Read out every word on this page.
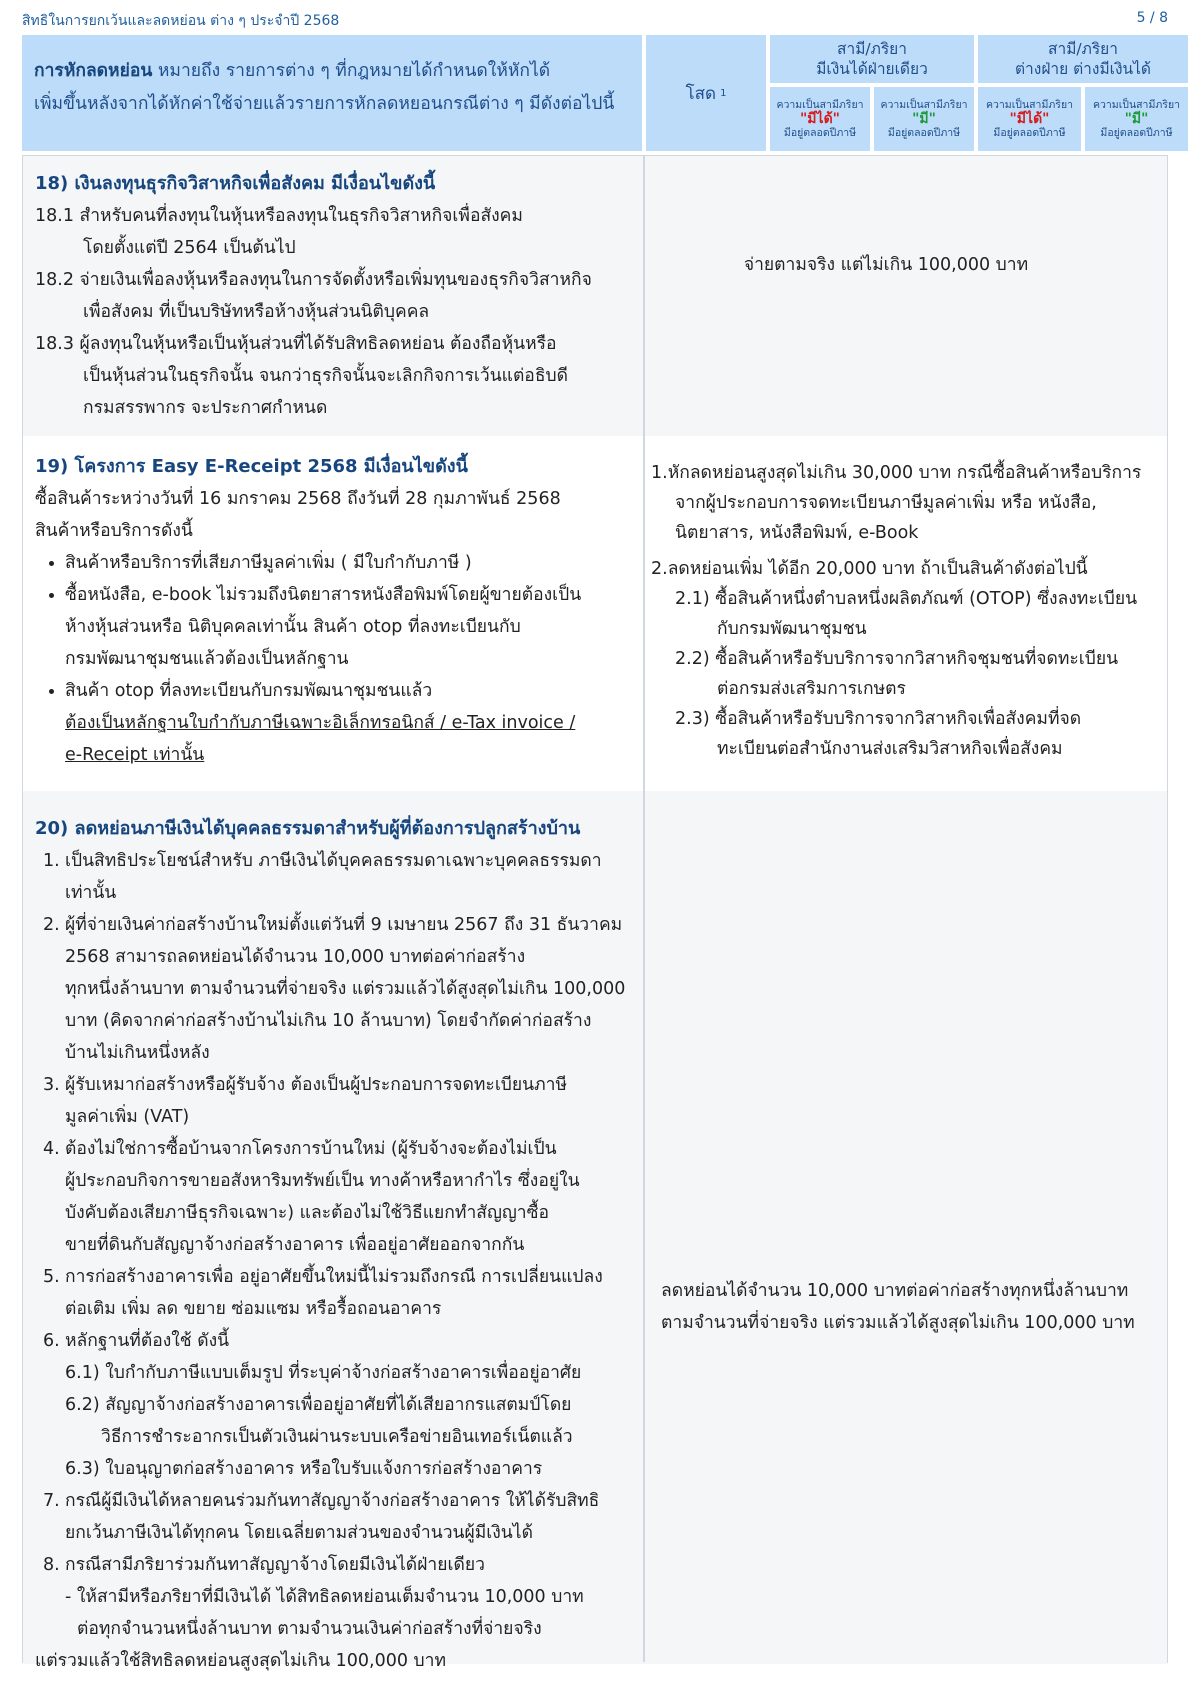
สิทธิในการยกเว้นและลดหย่อน ต่าง ๆ ประจำปี 2568	5 / 8
การหักลดหย่อน หมายถึง รายการต่าง ๆ ที่กฎหมายได้กำหนดให้หักได้
เพิ่มขึ้นหลังจากได้หักค่าใช้จ่ายแล้วรายการหักลดหยอนกรณีต่าง ๆ มีดังต่อไปนี้
โสด 1
สามี/ภริยา
มีเงินได้ฝ่ายเดียว
สามี/ภริยา
ต่างฝ่าย ต่างมีเงินได้
ความเป็นสามีภริยา
"มีได้"
มีอยู่ตลอดปีภาษี
ความเป็นสามีภริยา
"มี"
มีอยู่ตลอดปีภาษี
ความเป็นสามีภริยา
"มีได้"
มีอยู่ตลอดปีภาษี
ความเป็นสามีภริยา
"มี"
มีอยู่ตลอดปีภาษี
18) เงินลงทุนธุรกิจวิสาหกิจเพื่อสังคม มีเงื่อนไขดังนี้
18.1 สำหรับคนที่ลงทุนในหุ้นหรือลงทุนในธุรกิจวิสาหกิจเพื่อสังคม
โดยตั้งแต่ปี 2564 เป็นต้นไป
18.2 จ่ายเงินเพื่อลงหุ้นหรือลงทุนในการจัดตั้งหรือเพิ่มทุนของธุรกิจวิสาหกิจ
เพื่อสังคม ที่เป็นบริษัทหรือห้างหุ้นส่วนนิติบุคคล
18.3 ผู้ลงทุนในหุ้นหรือเป็นหุ้นส่วนที่ได้รับสิทธิลดหย่อน ต้องถือหุ้นหรือ
เป็นหุ้นส่วนในธุรกิจนั้น จนกว่าธุรกิจนั้นจะเลิกกิจการเว้นแต่อธิบดี
กรมสรรพากร จะประกาศกำหนด
จ่ายตามจริง แต่ไม่เกิน 100,000 บาท
19) โครงการ Easy E-Receipt 2568 มีเงื่อนไขดังนี้
ซื้อสินค้าระหว่างวันที่ 16 มกราคม 2568 ถึงวันที่ 28 กุมภาพันธ์ 2568
สินค้าหรือบริการดังนี้
สินค้าหรือบริการที่เสียภาษีมูลค่าเพิ่ม ( มีใบกำกับภาษี )
ซื้อหนังสือ, e-book ไม่รวมถึงนิตยาสารหนังสือพิมพ์โดยผู้ขายต้องเป็น
ห้างหุ้นส่วนหรือ นิติบุคคลเท่านั้น สินค้า otop ที่ลงทะเบียนกับ
กรมพัฒนาชุมชนแล้วต้องเป็นหลักฐาน
สินค้า otop ที่ลงทะเบียนกับกรมพัฒนาชุมชนแล้ว
ต้องเป็นหลักฐานใบกำกับภาษีเฉพาะอิเล็กทรอนิกส์ / e-Tax invoice /
e-Receipt เท่านั้น
1.หักลดหย่อนสูงสุดไม่เกิน 30,000 บาท กรณีซื้อสินค้าหรือบริการ
จากผู้ประกอบการจดทะเบียนภาษีมูลค่าเพิ่ม หรือ หนังสือ,
นิตยาสาร, หนังสือพิมพ์, e-Book
2.ลดหย่อนเพิ่ม ได้อีก 20,000 บาท ถ้าเป็นสินค้าดังต่อไปนี้
2.1) ซื้อสินค้าหนึ่งตำบลหนึ่งผลิตภัณฑ์ (OTOP) ซึ่งลงทะเบียน
กับกรมพัฒนาชุมชน
2.2) ซื้อสินค้าหรือรับบริการจากวิสาหกิจชุมชนที่จดทะเบียน
ต่อกรมส่งเสริมการเกษตร
2.3) ซื้อสินค้าหรือรับบริการจากวิสาหกิจเพื่อสังคมที่จด
ทะเบียนต่อสำนักงานส่งเสริมวิสาหกิจเพื่อสังคม
20) ลดหย่อนภาษีเงินได้บุคคลธรรมดาสำหรับผู้ที่ต้องการปลูกสร้างบ้าน
1. เป็นสิทธิประโยชน์สำหรับ ภาษีเงินได้บุคคลธรรมดาเฉพาะบุคคลธรรมดา
เท่านั้น
2. ผู้ที่จ่ายเงินค่าก่อสร้างบ้านใหม่ตั้งแต่วันที่ 9 เมษายน 2567 ถึง 31 ธันวาคม
2568 สามารถลดหย่อนได้จำนวน 10,000 บาทต่อค่าก่อสร้าง
ทุกหนึ่งล้านบาท ตามจำนวนที่จ่ายจริง แต่รวมแล้วได้สูงสุดไม่เกิน 100,000
บาท (คิดจากค่าก่อสร้างบ้านไม่เกิน 10 ล้านบาท) โดยจำกัดค่าก่อสร้าง
บ้านไม่เกินหนึ่งหลัง
3. ผู้รับเหมาก่อสร้างหรือผู้รับจ้าง ต้องเป็นผู้ประกอบการจดทะเบียนภาษี
มูลค่าเพิ่ม (VAT)
4. ต้องไม่ใช่การซื้อบ้านจากโครงการบ้านใหม่ (ผู้รับจ้างจะต้องไม่เป็น
ผู้ประกอบกิจการขายอสังหาริมทรัพย์เป็น ทางค้าหรือหากำไร ซึ่งอยู่ใน
บังคับต้องเสียภาษีธุรกิจเฉพาะ) และต้องไม่ใช้วิธีแยกทำสัญญาซื้อ
ขายที่ดินกับสัญญาจ้างก่อสร้างอาคาร เพื่ออยู่อาศัยออกจากกัน
5. การก่อสร้างอาคารเพื่อ อยู่อาศัยขึ้นใหม่นี้ไม่รวมถึงกรณี การเปลี่ยนแปลง
ต่อเติม เพิ่ม ลด ขยาย ซ่อมแซม หรือรื้อถอนอาคาร
6. หลักฐานที่ต้องใช้ ดังนี้
6.1) ใบกำกับภาษีแบบเต็มรูป ที่ระบุค่าจ้างก่อสร้างอาคารเพื่ออยู่อาศัย
6.2) สัญญาจ้างก่อสร้างอาคารเพื่ออยู่อาศัยที่ได้เสียอากรแสตมป์โดย
วิธีการชำระอากรเป็นตัวเงินผ่านระบบเครือข่ายอินเทอร์เน็ตแล้ว
6.3) ใบอนุญาตก่อสร้างอาคาร หรือใบรับแจ้งการก่อสร้างอาคาร
7. กรณีผู้มีเงินได้หลายคนร่วมกันทาสัญญาจ้างก่อสร้างอาคาร ให้ได้รับสิทธิ
ยกเว้นภาษีเงินได้ทุกคน โดยเฉลี่ยตามส่วนของจำนวนผู้มีเงินได้
8. กรณีสามีภริยาร่วมกันทาสัญญาจ้างโดยมีเงินได้ฝ่ายเดียว
- ให้สามีหรือภริยาที่มีเงินได้ ได้สิทธิลดหย่อนเต็มจำนวน 10,000 บาท
ต่อทุกจำนวนหนึ่งล้านบาท ตามจำนวนเงินค่าก่อสร้างที่จ่ายจริง
แต่รวมแล้วใช้สิทธิลดหย่อนสูงสุดไม่เกิน 100,000 บาท
ลดหย่อนได้จำนวน 10,000 บาทต่อค่าก่อสร้างทุกหนึ่งล้านบาท
ตามจำนวนที่จ่ายจริง แต่รวมแล้วได้สูงสุดไม่เกิน 100,000 บาท
